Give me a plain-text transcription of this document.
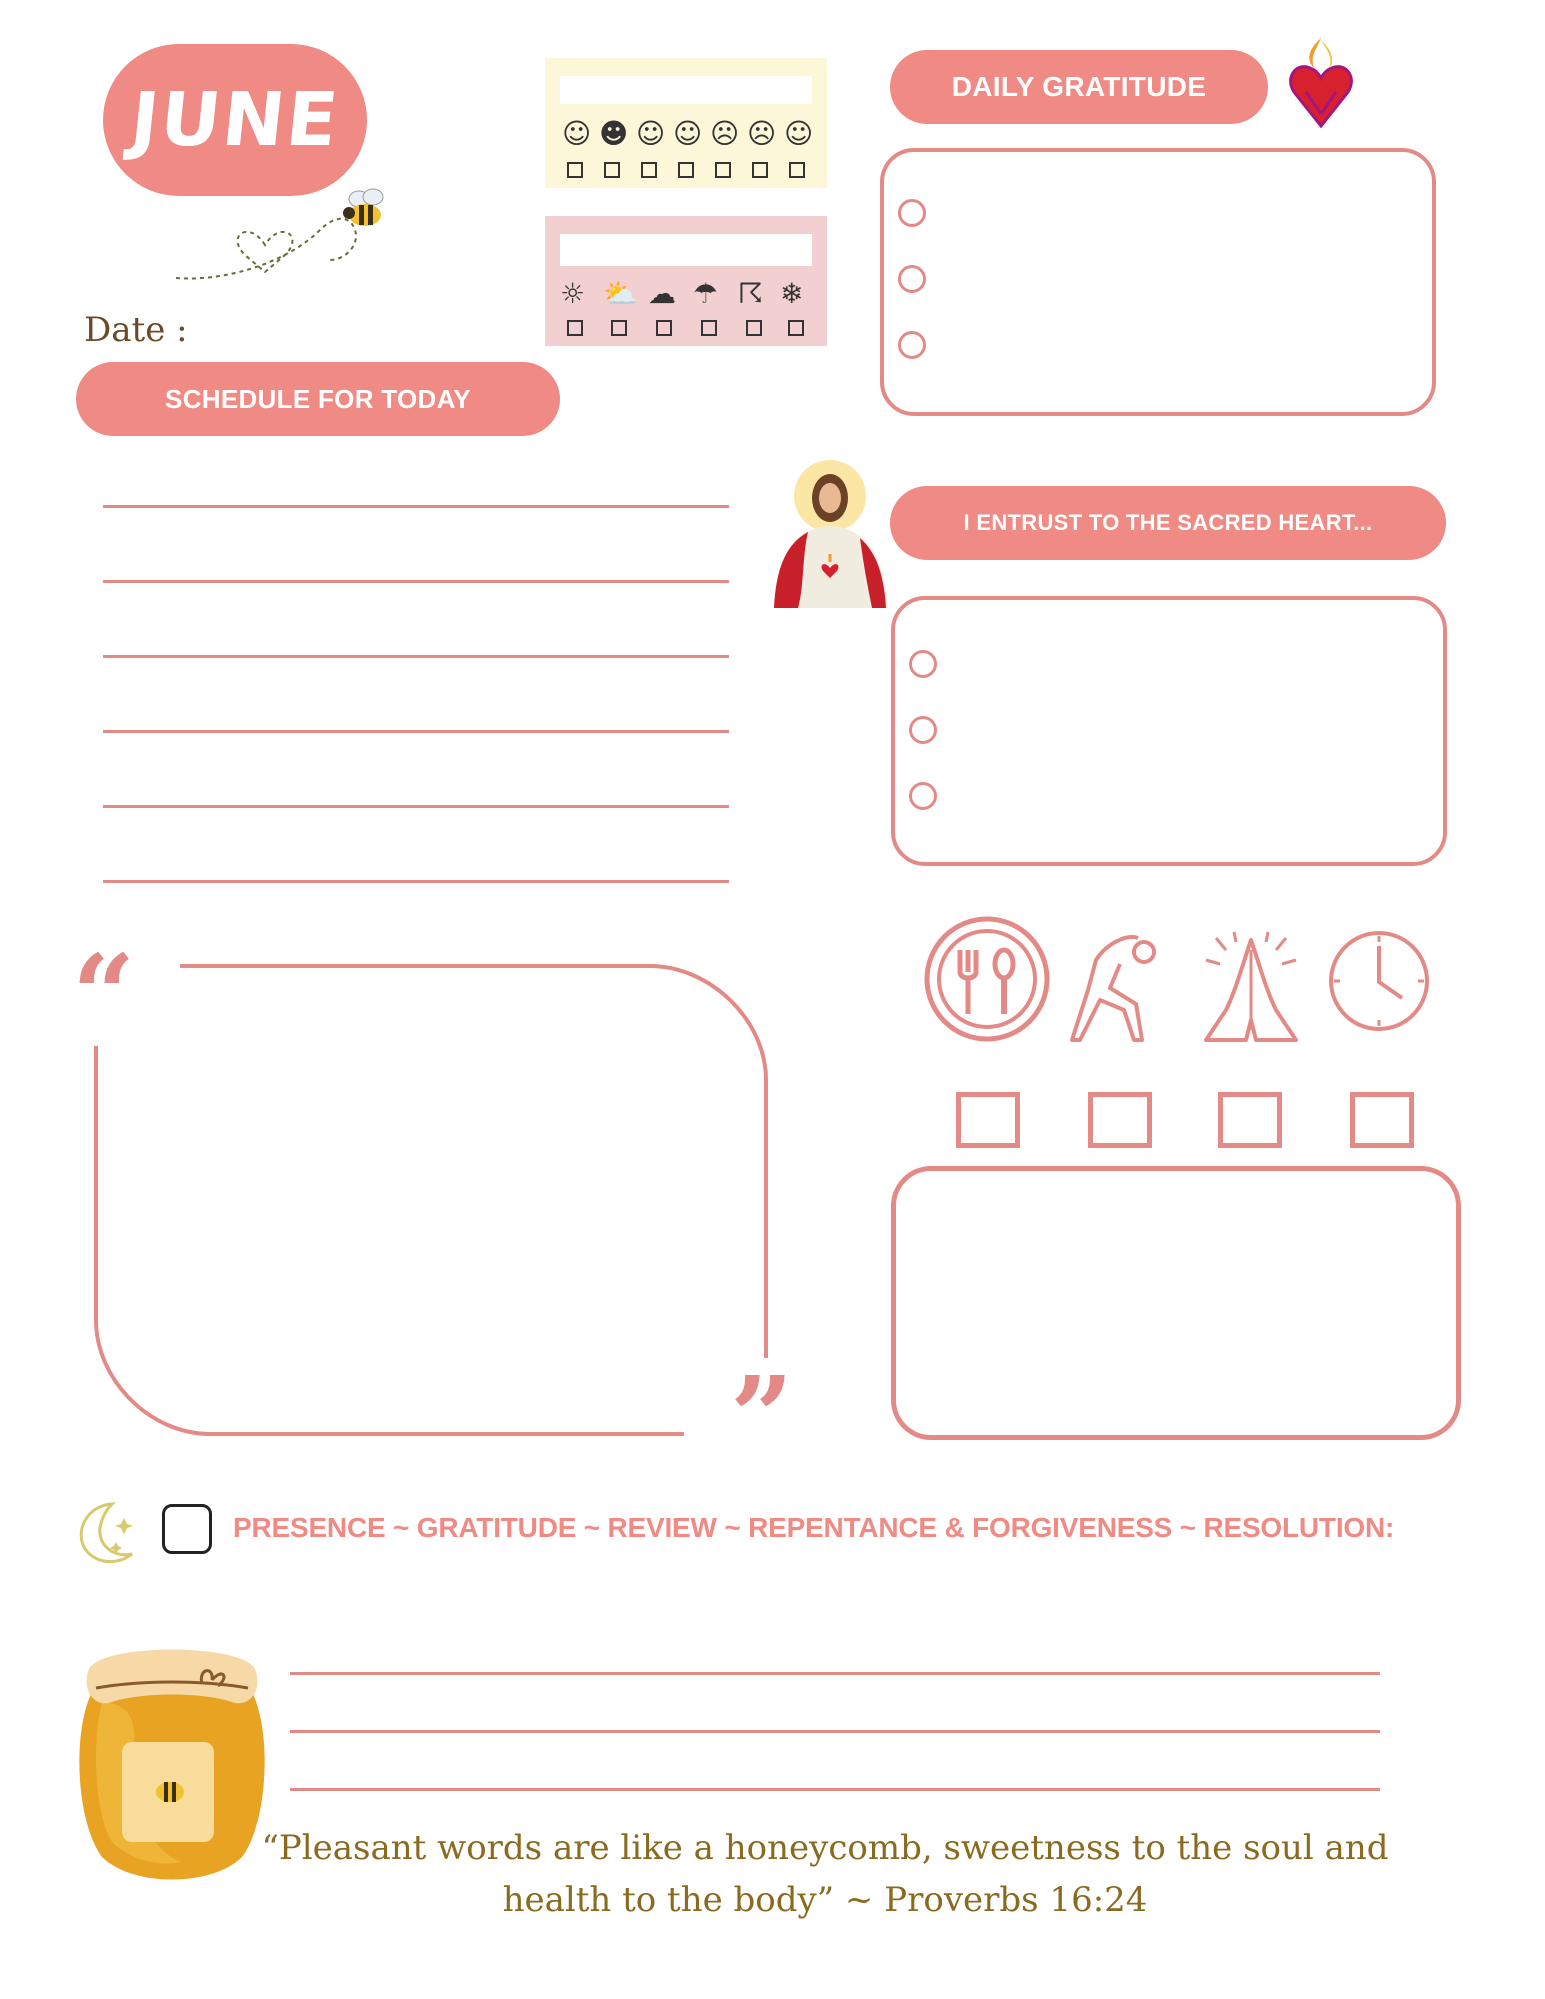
JUNE
Date :
☺ ☻ ☺ ☺ ☹ ☹ ☺
☼ ⛅ ☁ ☂ ☈ ❄
DAILY GRATITUDE
SCHEDULE FOR TODAY
I ENTRUST TO THE SACRED HEART...
“
”
PRESENCE ~ GRATITUDE ~ REVIEW ~ REPENTANCE & FORGIVENESS ~ RESOLUTION:
“Pleasant words are like a honeycomb, sweetness to the soul and
health to the body” ~ Proverbs 16:24
